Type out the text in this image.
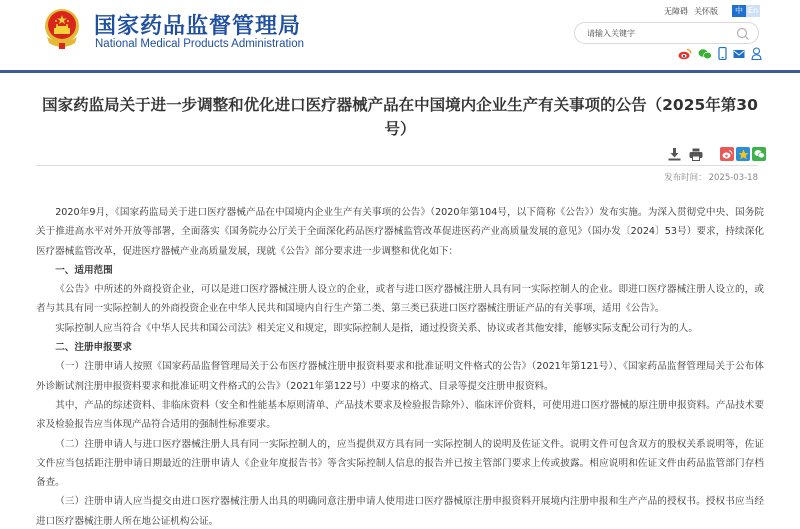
国家药品监督管理局
National Medical Products Administration
无障碍 关怀版	中 En
请输入关键字
国家药监局关于进一步调整和优化进口医疗器械产品在中国境内企业生产有关事项的公告（2025年第30号）
发布时间： 2025-03-18

2020年9月，《国家药监局关于进口医疗器械产品在中国境内企业生产有关事项的公告》（2020年第104号，以下简称《公告》）发布实施。为深入贯彻党中央、国务院关于推进高水平对外开放等部署，全面落实《国务院办公厅关于全面深化药品医疗器械监管改革促进医药产业高质量发展的意见》（国办发〔2024〕53号）要求，持续深化医疗器械监管改革，促进医疗器械产业高质量发展，现就《公告》部分要求进一步调整和优化如下：

一、适用范围

《公告》中所述的外商投资企业，可以是进口医疗器械注册人设立的企业，或者与进口医疗器械注册人具有同一实际控制人的企业。即进口医疗器械注册人设立的，或者与其具有同一实际控制人的外商投资企业在中华人民共和国境内自行生产第二类、第三类已获进口医疗器械注册证产品的有关事项，适用《公告》。

实际控制人应当符合《中华人民共和国公司法》相关定义和规定，即实际控制人是指，通过投资关系、协议或者其他安排，能够实际支配公司行为的人。

二、注册申报要求

（一）注册申请人按照《国家药品监督管理局关于公布医疗器械注册申报资料要求和批准证明文件格式的公告》（2021年第121号）、《国家药品监督管理局关于公布体外诊断试剂注册申报资料要求和批准证明文件格式的公告》（2021年第122号）中要求的格式、目录等提交注册申报资料。

其中，产品的综述资料、非临床资料（安全和性能基本原则清单、产品技术要求及检验报告除外）、临床评价资料，可使用进口医疗器械的原注册申报资料。产品技术要求及检验报告应当体现产品符合适用的强制性标准要求。

（二）注册申请人与进口医疗器械注册人具有同一实际控制人的，应当提供双方具有同一实际控制人的说明及佐证文件。说明文件可包含双方的股权关系说明等，佐证文件应当包括距注册申请日期最近的注册申请人《企业年度报告书》等含实际控制人信息的报告并已按主管部门要求上传或披露。相应说明和佐证文件由药品监管部门存档备查。

（三）注册申请人应当提交由进口医疗器械注册人出具的明确同意注册申请人使用进口医疗器械原注册申报资料开展境内注册申报和生产产品的授权书。授权书应当经进口医疗器械注册人所在地公证机构公证。
